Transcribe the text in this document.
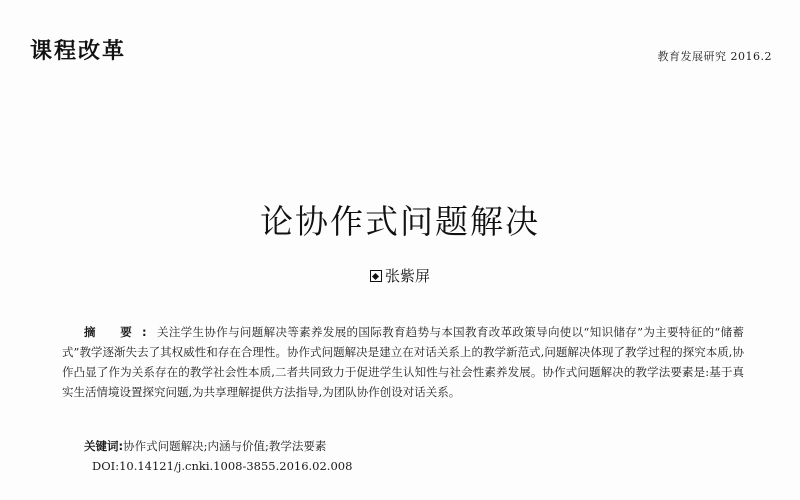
课程改革	教育发展研究 2016.2
论协作式问题解决
张紫屏
摘 要:关注学生协作与问题解决等素养发展的国际教育趋势与本国教育改革政策导向使以“知识储存”为主要特征的“储蓄式”教学逐渐失去了其权威性和存在合理性。协作式问题解决是建立在对话关系上的教学新范式,问题解决体现了教学过程的探究本质,协作凸显了作为关系存在的教学社会性本质,二者共同致力于促进学生认知性与社会性素养发展。协作式问题解决的教学法要素是:基于真实生活情境设置探究问题,为共享理解提供方法指导,为团队协作创设对话关系。
关键词:协作式问题解决;内涵与价值;教学法要素
DOI:10.14121/j.cnki.1008-3855.2016.02.008
